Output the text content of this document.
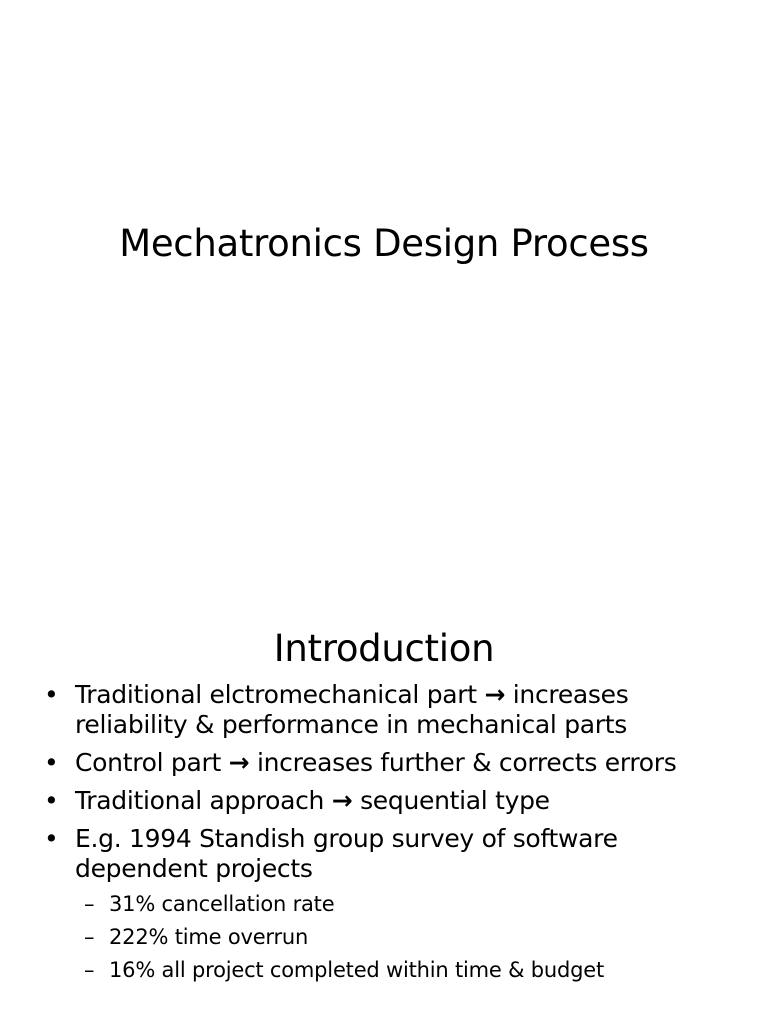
Mechatronics Design Process
Introduction
• Traditional elctromechanical part → increases reliability & performance in mechanical parts
• Control part → increases further & corrects errors
• Traditional approach → sequential type
• E.g. 1994 Standish group survey of software dependent projects
– 31% cancellation rate
– 222% time overrun
– 16% all project completed within time & budget
